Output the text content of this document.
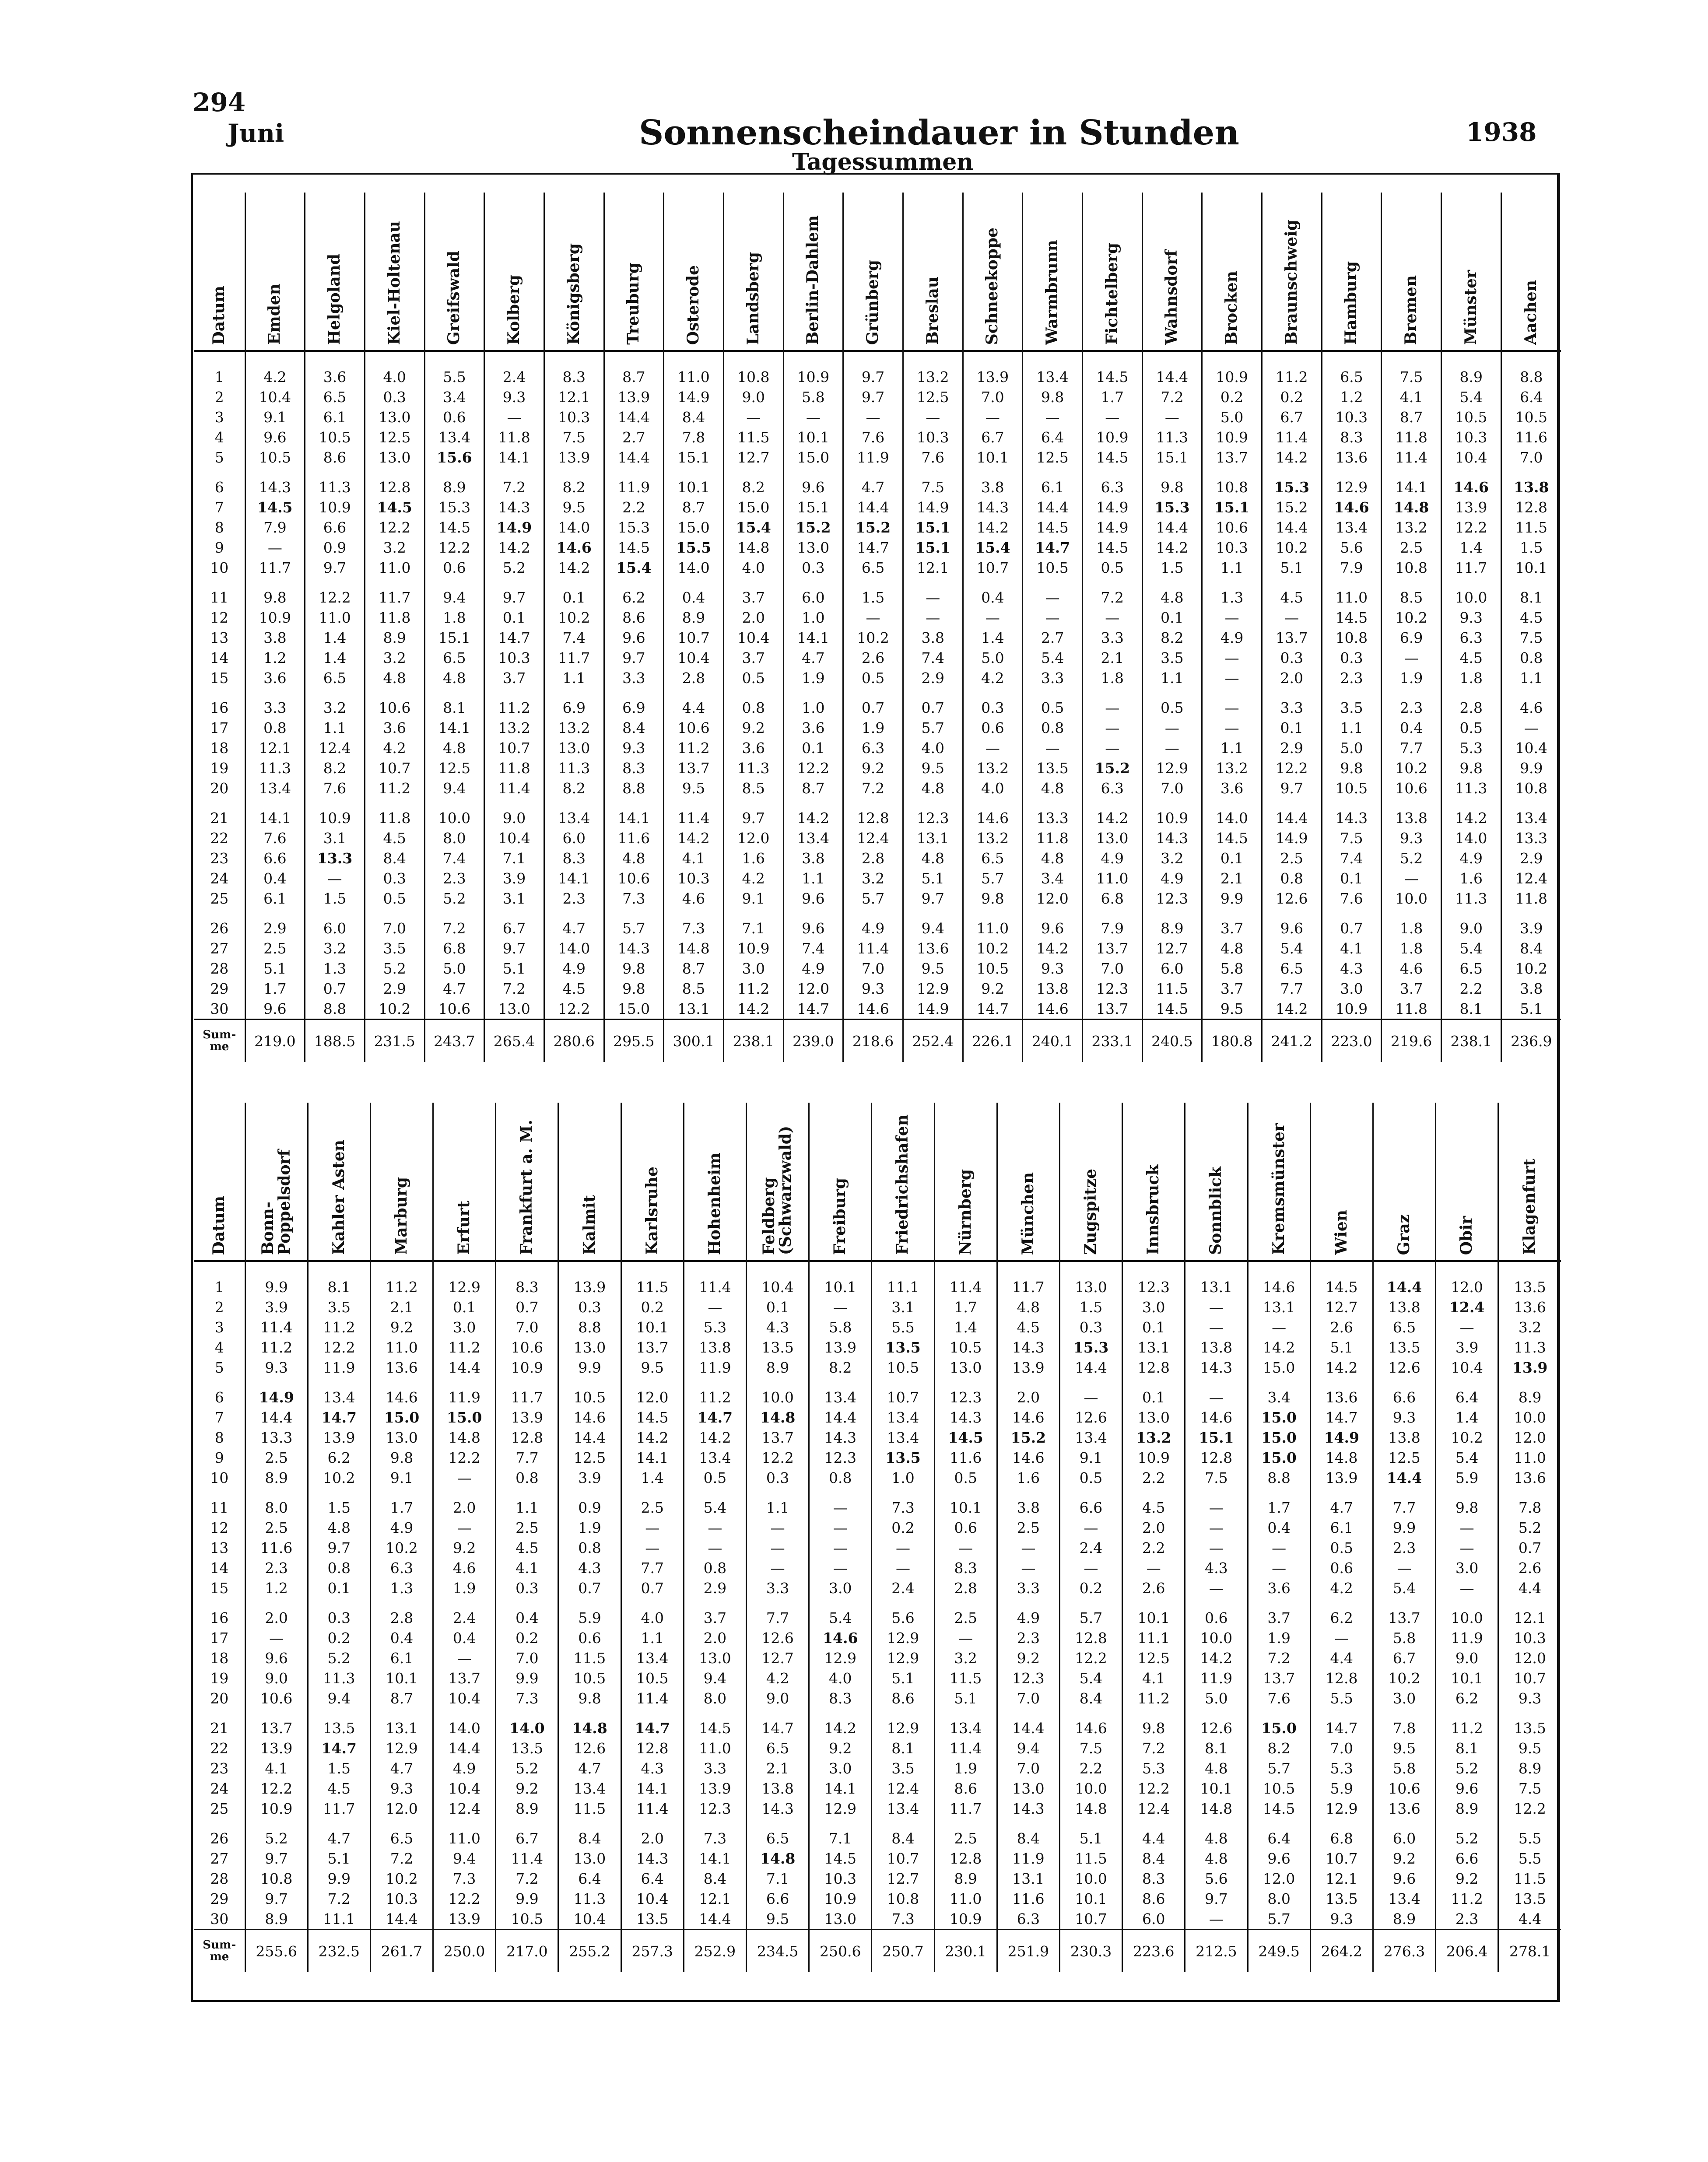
294
Juni	Sonnenscheindauer in Stunden
Tagessummen
1938
Datum	Emden	Helgoland	Kiel-Holtenau	Greifswald	Kolberg	Königsberg	Treuburg	Osterode	Landsberg	Berlin-Dahlem	Grünberg	Breslau	Schneekoppe	Warmbrunn	Fichtelberg	Wahnsdorf	Brocken	Braunschweig	Hamburg	Bremen	Münster	Aachen

1	4.2	3.6	4.0	5.5	2.4	8.3	8.7	11.0	10.8	10.9	9.7	13.2	13.9	13.4	14.5	14.4	10.9	11.2	6.5	7.5	8.9	8.8
2	10.4	6.5	0.3	3.4	9.3	12.1	13.9	14.9	9.0	5.8	9.7	12.5	7.0	9.8	1.7	7.2	0.2	0.2	1.2	4.1	5.4	6.4
3	9.1	6.1	13.0	0.6	—	10.3	14.4	8.4	—	—	—	—	—	—	—	—	5.0	6.7	10.3	8.7	10.5	10.5
4	9.6	10.5	12.5	13.4	11.8	7.5	2.7	7.8	11.5	10.1	7.6	10.3	6.7	6.4	10.9	11.3	10.9	11.4	8.3	11.8	10.3	11.6
5	10.5	8.6	13.0	15.6	14.1	13.9	14.4	15.1	12.7	15.0	11.9	7.6	10.1	12.5	14.5	15.1	13.7	14.2	13.6	11.4	10.4	7.0
6	14.3	11.3	12.8	8.9	7.2	8.2	11.9	10.1	8.2	9.6	4.7	7.5	3.8	6.1	6.3	9.8	10.8	15.3	12.9	14.1	14.6	13.8
7	14.5	10.9	14.5	15.3	14.3	9.5	2.2	8.7	15.0	15.1	14.4	14.9	14.3	14.4	14.9	15.3	15.1	15.2	14.6	14.8	13.9	12.8
8	7.9	6.6	12.2	14.5	14.9	14.0	15.3	15.0	15.4	15.2	15.2	15.1	14.2	14.5	14.9	14.4	10.6	14.4	13.4	13.2	12.2	11.5
9	—	0.9	3.2	12.2	14.2	14.6	14.5	15.5	14.8	13.0	14.7	15.1	15.4	14.7	14.5	14.2	10.3	10.2	5.6	2.5	1.4	1.5
10	11.7	9.7	11.0	0.6	5.2	14.2	15.4	14.0	4.0	0.3	6.5	12.1	10.7	10.5	0.5	1.5	1.1	5.1	7.9	10.8	11.7	10.1
11	9.8	12.2	11.7	9.4	9.7	0.1	6.2	0.4	3.7	6.0	1.5	—	0.4	—	7.2	4.8	1.3	4.5	11.0	8.5	10.0	8.1
12	10.9	11.0	11.8	1.8	0.1	10.2	8.6	8.9	2.0	1.0	—	—	—	—	—	0.1	—	—	14.5	10.2	9.3	4.5
13	3.8	1.4	8.9	15.1	14.7	7.4	9.6	10.7	10.4	14.1	10.2	3.8	1.4	2.7	3.3	8.2	4.9	13.7	10.8	6.9	6.3	7.5
14	1.2	1.4	3.2	6.5	10.3	11.7	9.7	10.4	3.7	4.7	2.6	7.4	5.0	5.4	2.1	3.5	—	0.3	0.3	—	4.5	0.8
15	3.6	6.5	4.8	4.8	3.7	1.1	3.3	2.8	0.5	1.9	0.5	2.9	4.2	3.3	1.8	1.1	—	2.0	2.3	1.9	1.8	1.1
16	3.3	3.2	10.6	8.1	11.2	6.9	6.9	4.4	0.8	1.0	0.7	0.7	0.3	0.5	—	0.5	—	3.3	3.5	2.3	2.8	4.6
17	0.8	1.1	3.6	14.1	13.2	13.2	8.4	10.6	9.2	3.6	1.9	5.7	0.6	0.8	—	—	—	0.1	1.1	0.4	0.5	—
18	12.1	12.4	4.2	4.8	10.7	13.0	9.3	11.2	3.6	0.1	6.3	4.0	—	—	—	—	1.1	2.9	5.0	7.7	5.3	10.4
19	11.3	8.2	10.7	12.5	11.8	11.3	8.3	13.7	11.3	12.2	9.2	9.5	13.2	13.5	15.2	12.9	13.2	12.2	9.8	10.2	9.8	9.9
20	13.4	7.6	11.2	9.4	11.4	8.2	8.8	9.5	8.5	8.7	7.2	4.8	4.0	4.8	6.3	7.0	3.6	9.7	10.5	10.6	11.3	10.8
21	14.1	10.9	11.8	10.0	9.0	13.4	14.1	11.4	9.7	14.2	12.8	12.3	14.6	13.3	14.2	10.9	14.0	14.4	14.3	13.8	14.2	13.4
22	7.6	3.1	4.5	8.0	10.4	6.0	11.6	14.2	12.0	13.4	12.4	13.1	13.2	11.8	13.0	14.3	14.5	14.9	7.5	9.3	14.0	13.3
23	6.6	13.3	8.4	7.4	7.1	8.3	4.8	4.1	1.6	3.8	2.8	4.8	6.5	4.8	4.9	3.2	0.1	2.5	7.4	5.2	4.9	2.9
24	0.4	—	0.3	2.3	3.9	14.1	10.6	10.3	4.2	1.1	3.2	5.1	5.7	3.4	11.0	4.9	2.1	0.8	0.1	—	1.6	12.4
25	6.1	1.5	0.5	5.2	3.1	2.3	7.3	4.6	9.1	9.6	5.7	9.7	9.8	12.0	6.8	12.3	9.9	12.6	7.6	10.0	11.3	11.8
26	2.9	6.0	7.0	7.2	6.7	4.7	5.7	7.3	7.1	9.6	4.9	9.4	11.0	9.6	7.9	8.9	3.7	9.6	0.7	1.8	9.0	3.9
27	2.5	3.2	3.5	6.8	9.7	14.0	14.3	14.8	10.9	7.4	11.4	13.6	10.2	14.2	13.7	12.7	4.8	5.4	4.1	1.8	5.4	8.4
28	5.1	1.3	5.2	5.0	5.1	4.9	9.8	8.7	3.0	4.9	7.0	9.5	10.5	9.3	7.0	6.0	5.8	6.5	4.3	4.6	6.5	10.2
29	1.7	0.7	2.9	4.7	7.2	4.5	9.8	8.5	11.2	12.0	9.3	12.9	9.2	13.8	12.3	11.5	3.7	7.7	3.0	3.7	2.2	3.8
30	9.6	8.8	10.2	10.6	13.0	12.2	15.0	13.1	14.2	14.7	14.6	14.9	14.7	14.6	13.7	14.5	9.5	14.2	10.9	11.8	8.1	5.1

Sum-
me	219.0	188.5	231.5	243.7	265.4	280.6	295.5	300.1	238.1	239.0	218.6	252.4	226.1	240.1	233.1	240.5	180.8	241.2	223.0	219.6	238.1	236.9
Datum	Bonn-
Poppelsdorf	Kahler Asten	Marburg	Erfurt	Frankfurt a. M.	Kalmit	Karlsruhe	Hohenheim	Feldberg
(Schwarzwald)	Freiburg	Friedrichshafen	Nürnberg	München	Zugspitze	Innsbruck	Sonnblick	Kremsmünster	Wien	Graz	Obir	Klagenfurt

1	9.9	8.1	11.2	12.9	8.3	13.9	11.5	11.4	10.4	10.1	11.1	11.4	11.7	13.0	12.3	13.1	14.6	14.5	14.4	12.0	13.5
2	3.9	3.5	2.1	0.1	0.7	0.3	0.2	—	0.1	—	3.1	1.7	4.8	1.5	3.0	—	13.1	12.7	13.8	12.4	13.6
3	11.4	11.2	9.2	3.0	7.0	8.8	10.1	5.3	4.3	5.8	5.5	1.4	4.5	0.3	0.1	—	—	2.6	6.5	—	3.2
4	11.2	12.2	11.0	11.2	10.6	13.0	13.7	13.8	13.5	13.9	13.5	10.5	14.3	15.3	13.1	13.8	14.2	5.1	13.5	3.9	11.3
5	9.3	11.9	13.6	14.4	10.9	9.9	9.5	11.9	8.9	8.2	10.5	13.0	13.9	14.4	12.8	14.3	15.0	14.2	12.6	10.4	13.9
6	14.9	13.4	14.6	11.9	11.7	10.5	12.0	11.2	10.0	13.4	10.7	12.3	2.0	—	0.1	—	3.4	13.6	6.6	6.4	8.9
7	14.4	14.7	15.0	15.0	13.9	14.6	14.5	14.7	14.8	14.4	13.4	14.3	14.6	12.6	13.0	14.6	15.0	14.7	9.3	1.4	10.0
8	13.3	13.9	13.0	14.8	12.8	14.4	14.2	14.2	13.7	14.3	13.4	14.5	15.2	13.4	13.2	15.1	15.0	14.9	13.8	10.2	12.0
9	2.5	6.2	9.8	12.2	7.7	12.5	14.1	13.4	12.2	12.3	13.5	11.6	14.6	9.1	10.9	12.8	15.0	14.8	12.5	5.4	11.0
10	8.9	10.2	9.1	—	0.8	3.9	1.4	0.5	0.3	0.8	1.0	0.5	1.6	0.5	2.2	7.5	8.8	13.9	14.4	5.9	13.6
11	8.0	1.5	1.7	2.0	1.1	0.9	2.5	5.4	1.1	—	7.3	10.1	3.8	6.6	4.5	—	1.7	4.7	7.7	9.8	7.8
12	2.5	4.8	4.9	—	2.5	1.9	—	—	—	—	0.2	0.6	2.5	—	2.0	—	0.4	6.1	9.9	—	5.2
13	11.6	9.7	10.2	9.2	4.5	0.8	—	—	—	—	—	—	—	2.4	2.2	—	—	0.5	2.3	—	0.7
14	2.3	0.8	6.3	4.6	4.1	4.3	7.7	0.8	—	—	—	8.3	—	—	—	4.3	—	0.6	—	3.0	2.6
15	1.2	0.1	1.3	1.9	0.3	0.7	0.7	2.9	3.3	3.0	2.4	2.8	3.3	0.2	2.6	—	3.6	4.2	5.4	—	4.4
16	2.0	0.3	2.8	2.4	0.4	5.9	4.0	3.7	7.7	5.4	5.6	2.5	4.9	5.7	10.1	0.6	3.7	6.2	13.7	10.0	12.1
17	—	0.2	0.4	0.4	0.2	0.6	1.1	2.0	12.6	14.6	12.9	—	2.3	12.8	11.1	10.0	1.9	—	5.8	11.9	10.3
18	9.6	5.2	6.1	—	7.0	11.5	13.4	13.0	12.7	12.9	12.9	3.2	9.2	12.2	12.5	14.2	7.2	4.4	6.7	9.0	12.0
19	9.0	11.3	10.1	13.7	9.9	10.5	10.5	9.4	4.2	4.0	5.1	11.5	12.3	5.4	4.1	11.9	13.7	12.8	10.2	10.1	10.7
20	10.6	9.4	8.7	10.4	7.3	9.8	11.4	8.0	9.0	8.3	8.6	5.1	7.0	8.4	11.2	5.0	7.6	5.5	3.0	6.2	9.3
21	13.7	13.5	13.1	14.0	14.0	14.8	14.7	14.5	14.7	14.2	12.9	13.4	14.4	14.6	9.8	12.6	15.0	14.7	7.8	11.2	13.5
22	13.9	14.7	12.9	14.4	13.5	12.6	12.8	11.0	6.5	9.2	8.1	11.4	9.4	7.5	7.2	8.1	8.2	7.0	9.5	8.1	9.5
23	4.1	1.5	4.7	4.9	5.2	4.7	4.3	3.3	2.1	3.0	3.5	1.9	7.0	2.2	5.3	4.8	5.7	5.3	5.8	5.2	8.9
24	12.2	4.5	9.3	10.4	9.2	13.4	14.1	13.9	13.8	14.1	12.4	8.6	13.0	10.0	12.2	10.1	10.5	5.9	10.6	9.6	7.5
25	10.9	11.7	12.0	12.4	8.9	11.5	11.4	12.3	14.3	12.9	13.4	11.7	14.3	14.8	12.4	14.8	14.5	12.9	13.6	8.9	12.2
26	5.2	4.7	6.5	11.0	6.7	8.4	2.0	7.3	6.5	7.1	8.4	2.5	8.4	5.1	4.4	4.8	6.4	6.8	6.0	5.2	5.5
27	9.7	5.1	7.2	9.4	11.4	13.0	14.3	14.1	14.8	14.5	10.7	12.8	11.9	11.5	8.4	4.8	9.6	10.7	9.2	6.6	5.5
28	10.8	9.9	10.2	7.3	7.2	6.4	6.4	8.4	7.1	10.3	12.7	8.9	13.1	10.0	8.3	5.6	12.0	12.1	9.6	9.2	11.5
29	9.7	7.2	10.3	12.2	9.9	11.3	10.4	12.1	6.6	10.9	10.8	11.0	11.6	10.1	8.6	9.7	8.0	13.5	13.4	11.2	13.5
30	8.9	11.1	14.4	13.9	10.5	10.4	13.5	14.4	9.5	13.0	7.3	10.9	6.3	10.7	6.0	—	5.7	9.3	8.9	2.3	4.4

Sum-
me	255.6	232.5	261.7	250.0	217.0	255.2	257.3	252.9	234.5	250.6	250.7	230.1	251.9	230.3	223.6	212.5	249.5	264.2	276.3	206.4	278.1
